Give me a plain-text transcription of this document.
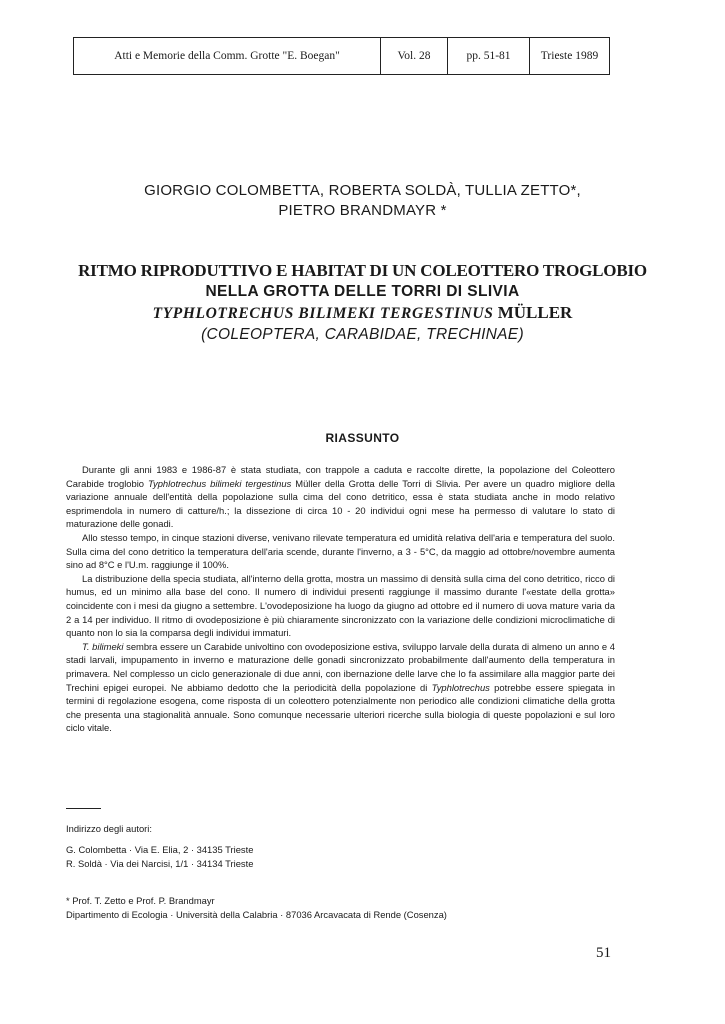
Atti e Memorie della Comm. Grotte "E. Boegan"	Vol. 28	pp. 51-81	Trieste 1989
GIORGIO COLOMBETTA, ROBERTA SOLDÀ, TULLIA ZETTO*,
PIETRO BRANDMAYR *
RITMO RIPRODUTTIVO E HABITAT DI UN COLEOTTERO TROGLOBIO
NELLA GROTTA DELLE TORRI DI SLIVIA
TYPHLOTRECHUS BILIMEKI TERGESTINUS MÜLLER
(COLEOPTERA, CARABIDAE, TRECHINAE)
RIASSUNTO

Durante gli anni 1983 e 1986-87 è stata studiata, con trappole a caduta e raccolte dirette, la popolazione del Coleottero Carabide troglobio Typhlotrechus bilimeki tergestinus Müller della Grotta delle Torri di Slivia. Per avere un quadro migliore della variazione annuale dell'entità della popolazione sulla cima del cono detritico, essa è stata studiata anche in modo relativo esprimendola in numero di catture/h.; la dissezione di circa 10 - 20 individui ogni mese ha permesso di valutare lo stato di maturazione delle gonadi.

Allo stesso tempo, in cinque stazioni diverse, venivano rilevate temperatura ed umidità relativa dell'aria e temperatura del suolo. Sulla cima del cono detritico la temperatura dell'aria scende, durante l'inverno, a 3 - 5°C, da maggio ad ottobre/novembre aumenta sino ad 8°C e l'U.m. raggiunge il 100%.

La distribuzione della specia studiata, all'interno della grotta, mostra un massimo di densità sulla cima del cono detritico, ricco di humus, ed un minimo alla base del cono. Il numero di individui presenti raggiunge il massimo durante l'«estate della grotta» coincidente con i mesi da giugno a settembre. L'ovodeposizione ha luogo da giugno ad ottobre ed il numero di uova mature varia da 2 a 14 per individuo. Il ritmo di ovodeposizione è più chiaramente sincronizzato con la variazione delle condizioni microclimatiche di quanto non lo sia la comparsa degli individui immaturi.

T. bilimeki sembra essere un Carabide univoltino con ovodeposizione estiva, sviluppo larvale della durata di almeno un anno e 4 stadi larvali, impupamento in inverno e maturazione delle gonadi sincronizzato probabilmente dall'aumento della temperatura in primavera. Nel complesso un ciclo generazionale di due anni, con ibernazione delle larve che lo fa assimilare alla maggior parte dei Trechini epigei europei. Ne abbiamo dedotto che la periodicità della popolazione di Typhlotrechus potrebbe essere spiegata in termini di regolazione esogena, come risposta di un coleottero potenzialmente non periodico alle condizioni climatiche della grotta che presenta una stagionalità annuale. Sono comunque necessarie ulteriori ricerche sulla biologia di queste popolazioni e sul loro ciclo vitale.

Indirizzo degli autori:
G. Colombetta · Via E. Elia, 2 · 34135 Trieste
R. Soldà · Via dei Narcisi, 1/1 · 34134 Trieste
* Prof. T. Zetto e Prof. P. Brandmayr
Dipartimento di Ecologia · Università della Calabria · 87036 Arcavacata di Rende (Cosenza)
51
